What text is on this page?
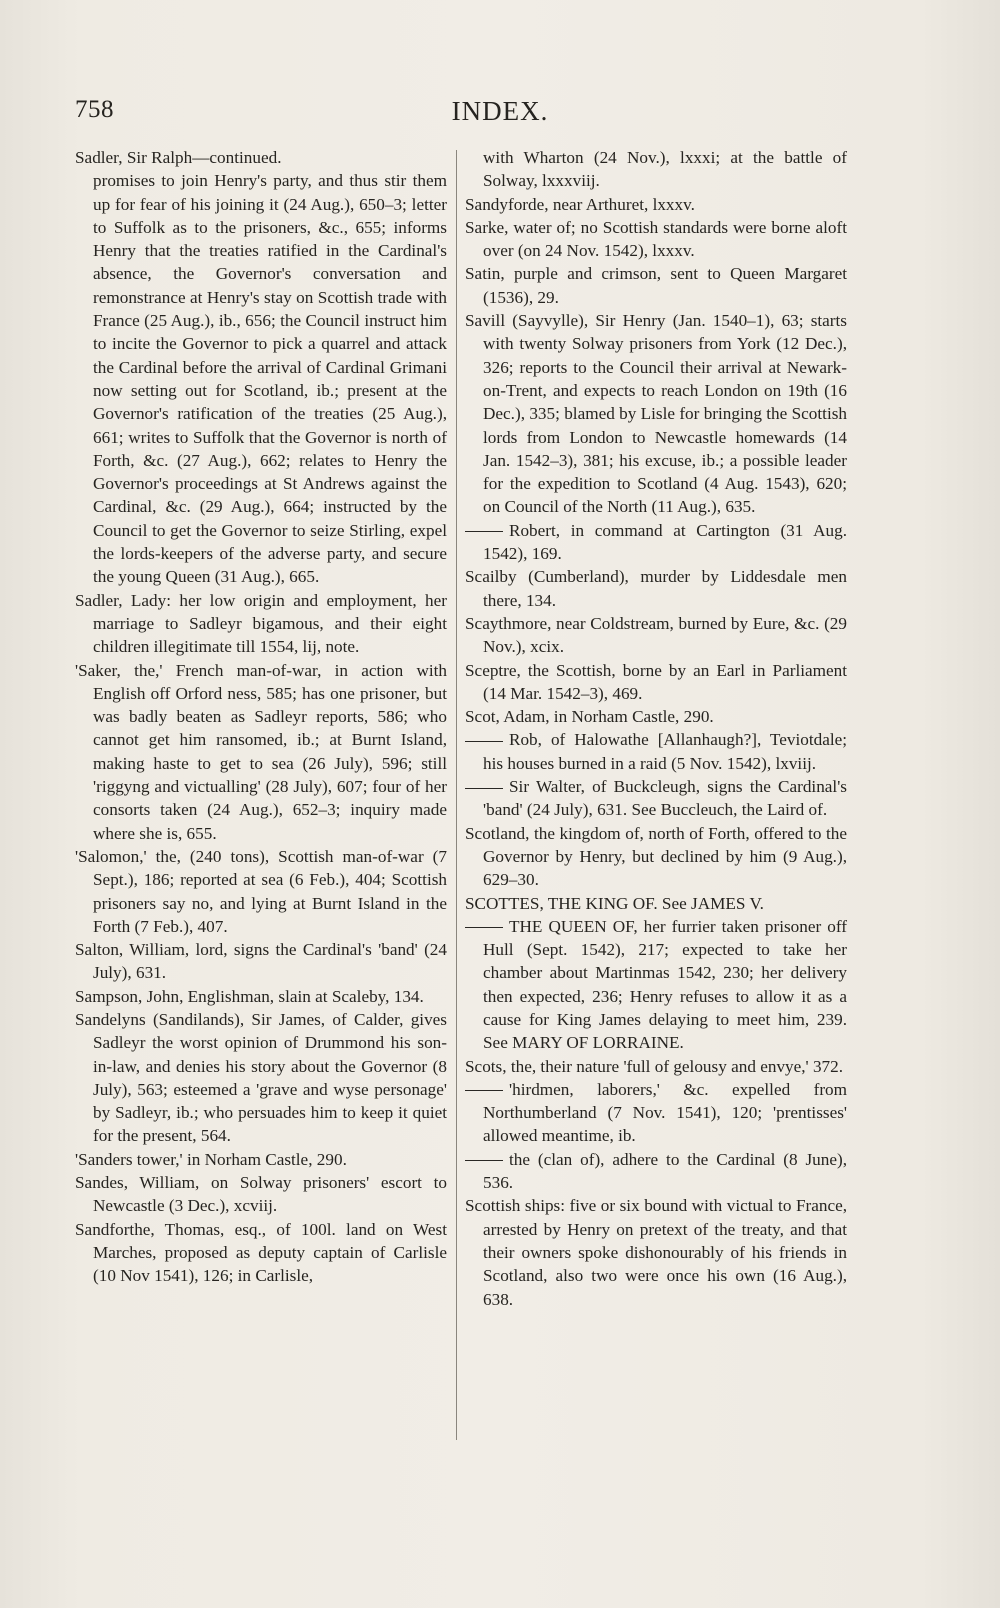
758	INDEX.

Sadler, Sir Ralph—continued.

promises to join Henry's party, and thus stir them up for fear of his joining it (24 Aug.), 650–3; letter to Suffolk as to the prisoners, &c., 655; informs Henry that the treaties ratified in the Cardinal's absence, the Governor's conversation and remonstrance at Henry's stay on Scottish trade with France (25 Aug.), ib., 656; the Council instruct him to incite the Governor to pick a quarrel and attack the Cardinal before the arrival of Cardinal Grimani now setting out for Scotland, ib.; present at the Governor's ratification of the treaties (25 Aug.), 661; writes to Suffolk that the Governor is north of Forth, &c. (27 Aug.), 662; relates to Henry the Governor's proceedings at St Andrews against the Cardinal, &c. (29 Aug.), 664; instructed by the Council to get the Governor to seize Stirling, expel the lords-keepers of the adverse party, and secure the young Queen (31 Aug.), 665.

Sadler, Lady: her low origin and employment, her marriage to Sadleyr bigamous, and their eight children illegitimate till 1554, lij, note.

'Saker, the,' French man-of-war, in action with English off Orford ness, 585; has one prisoner, but was badly beaten as Sadleyr reports, 586; who cannot get him ransomed, ib.; at Burnt Island, making haste to get to sea (26 July), 596; still 'riggyng and victualling' (28 July), 607; four of her consorts taken (24 Aug.), 652–3; inquiry made where she is, 655.

'Salomon,' the, (240 tons), Scottish man-of-war (7 Sept.), 186; reported at sea (6 Feb.), 404; Scottish prisoners say no, and lying at Burnt Island in the Forth (7 Feb.), 407.

Salton, William, lord, signs the Cardinal's 'band' (24 July), 631.

Sampson, John, Englishman, slain at Scaleby, 134.

Sandelyns (Sandilands), Sir James, of Calder, gives Sadleyr the worst opinion of Drummond his son-in-law, and denies his story about the Governor (8 July), 563; esteemed a 'grave and wyse personage' by Sadleyr, ib.; who persuades him to keep it quiet for the present, 564.

'Sanders tower,' in Norham Castle, 290.

Sandes, William, on Solway prisoners' escort to Newcastle (3 Dec.), xcviij.

Sandforthe, Thomas, esq., of 100l. land on West Marches, proposed as deputy captain of Carlisle (10 Nov 1541), 126; in Carlisle,

with Wharton (24 Nov.), lxxxi; at the battle of Solway, lxxxviij.

Sandyforde, near Arthuret, lxxxv.

Sarke, water of; no Scottish standards were borne aloft over (on 24 Nov. 1542), lxxxv.

Satin, purple and crimson, sent to Queen Margaret (1536), 29.

Savill (Sayvylle), Sir Henry (Jan. 1540–1), 63; starts with twenty Solway prisoners from York (12 Dec.), 326; reports to the Council their arrival at Newark-on-Trent, and expects to reach London on 19th (16 Dec.), 335; blamed by Lisle for bringing the Scottish lords from London to Newcastle homewards (14 Jan. 1542–3), 381; his excuse, ib.; a possible leader for the expedition to Scotland (4 Aug. 1543), 620; on Council of the North (11 Aug.), 635.

Robert, in command at Cartington (31 Aug. 1542), 169.

Scailby (Cumberland), murder by Liddesdale men there, 134.

Scaythmore, near Coldstream, burned by Eure, &c. (29 Nov.), xcix.

Sceptre, the Scottish, borne by an Earl in Parliament (14 Mar. 1542–3), 469.

Scot, Adam, in Norham Castle, 290.

Rob, of Halowathe [Allanhaugh?], Teviotdale; his houses burned in a raid (5 Nov. 1542), lxviij.

Sir Walter, of Buckcleugh, signs the Cardinal's 'band' (24 July), 631. See Buccleuch, the Laird of.

Scotland, the kingdom of, north of Forth, offered to the Governor by Henry, but declined by him (9 Aug.), 629–30.

SCOTTES, THE KING OF. See JAMES V.

THE QUEEN OF, her furrier taken prisoner off Hull (Sept. 1542), 217; expected to take her chamber about Martinmas 1542, 230; her delivery then expected, 236; Henry refuses to allow it as a cause for King James delaying to meet him, 239. See MARY OF LORRAINE.

Scots, the, their nature 'full of gelousy and envye,' 372.

'hirdmen, laborers,' &c. expelled from Northumberland (7 Nov. 1541), 120; 'prentisses' allowed meantime, ib.

the (clan of), adhere to the Cardinal (8 June), 536.

Scottish ships: five or six bound with victual to France, arrested by Henry on pretext of the treaty, and that their owners spoke dishonourably of his friends in Scotland, also two were once his own (16 Aug.), 638.
